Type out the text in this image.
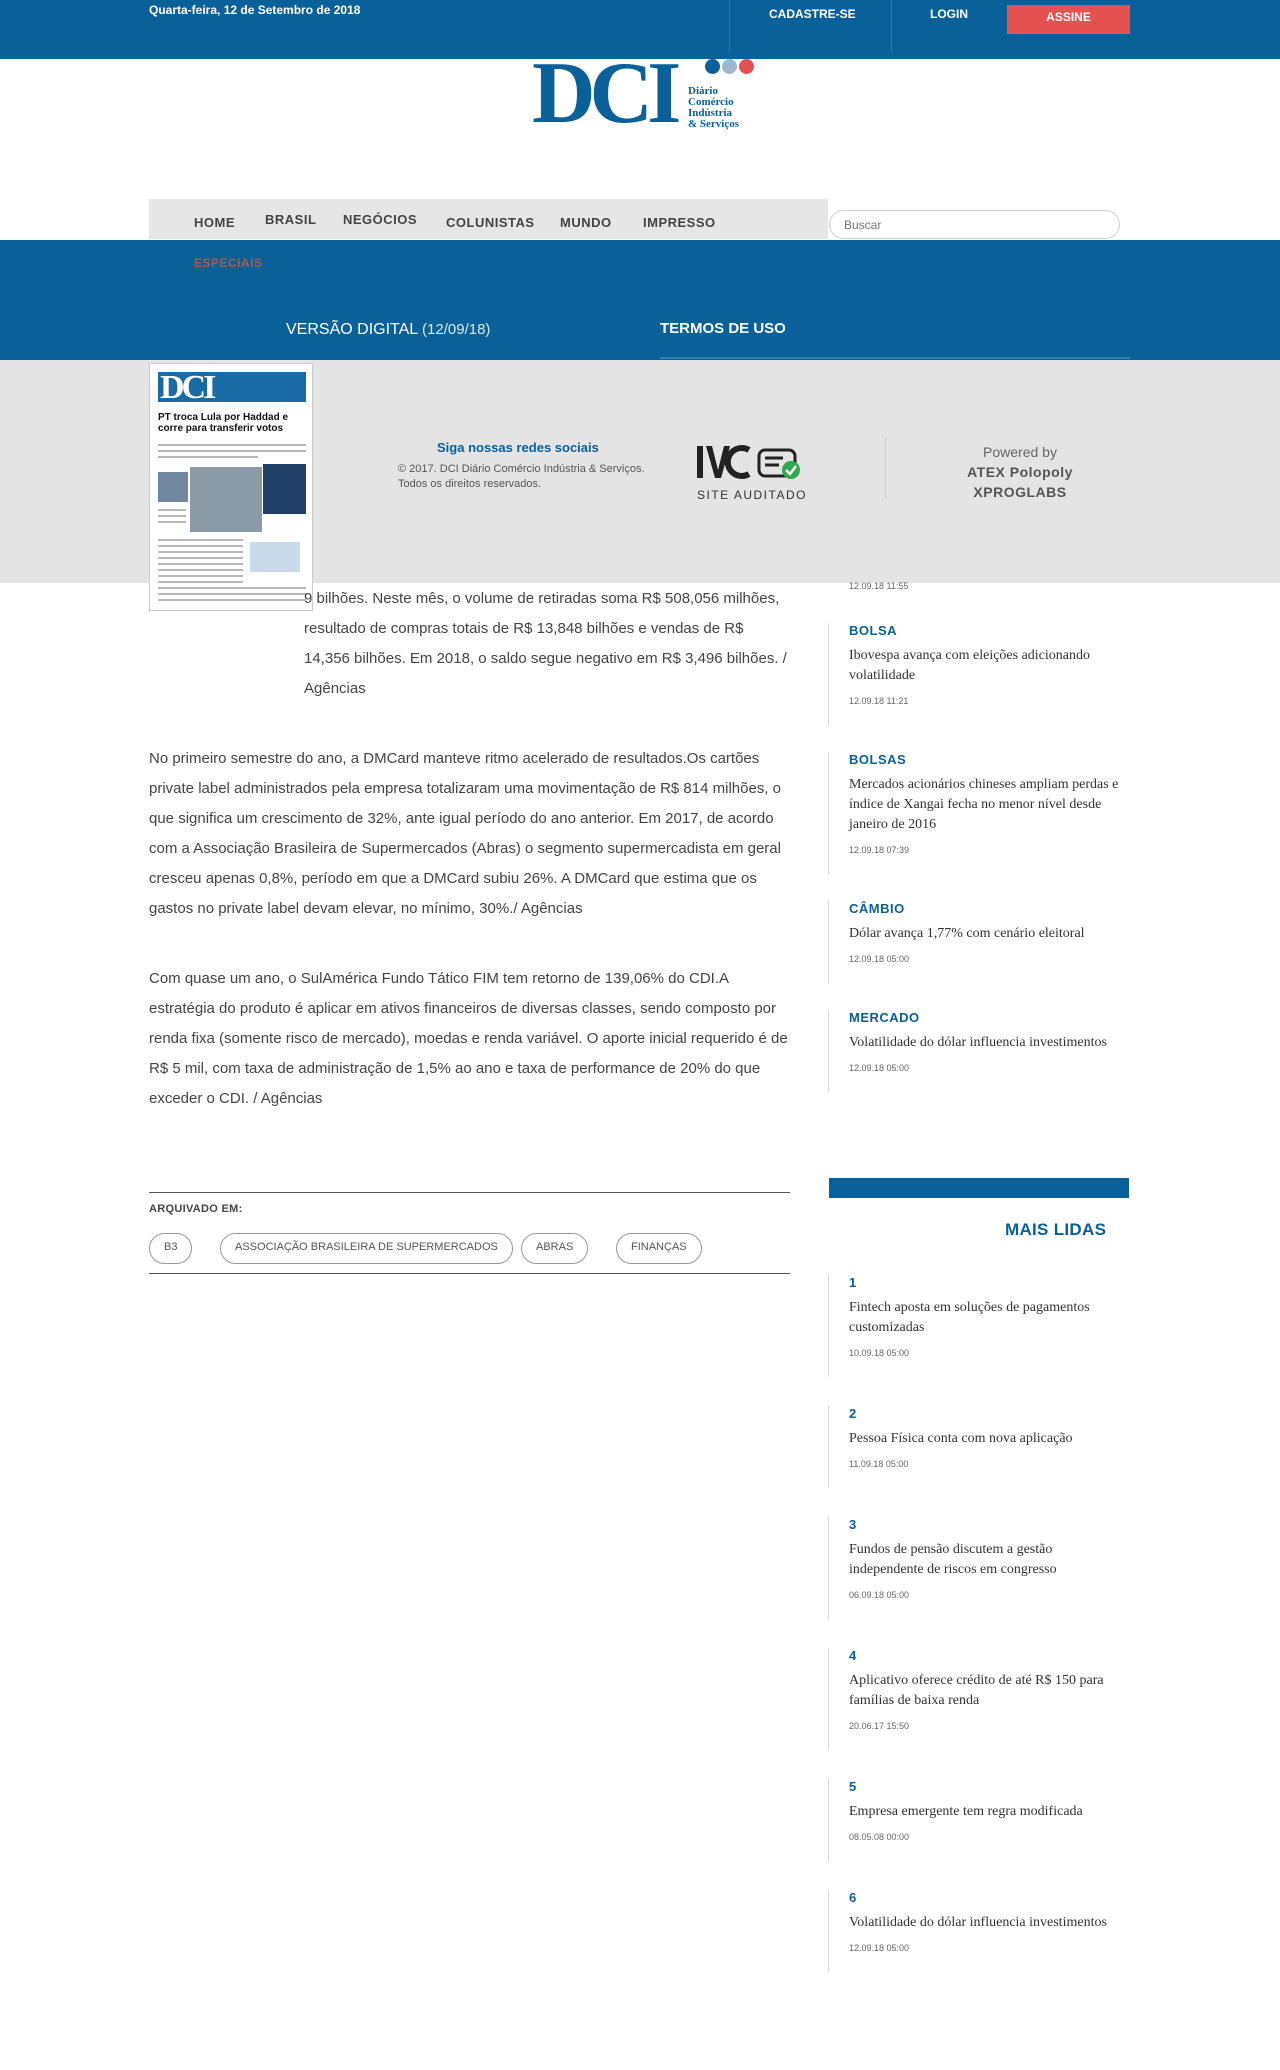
Quarta-feira, 12 de Setembro de 2018	CADASTRE-SE	LOGIN	ASSINE
DCI Diário
Comércio
Indústria
& Serviços
HOME BRASIL NEGÓCIOS COLUNISTAS MUNDO IMPRESSO
Buscar
ESPECIAIS
VERSÃO DIGITAL (12/09/18)	TERMOS DE USO
Siga nossas redes sociais
© 2017. DCI Diário Comércio Indústria & Serviços. Todos os direitos reservados.
SITE AUDITADO
Powered by
ATEX Polopoly
XPROGLABS
DCI
PT troca Lula por Haddad e corre para transferir votos

9 bilhões. Neste mês, o volume de retiradas soma R$ 508,056 milhões, resultado de compras totais de R$ 13,848 bilhões e vendas de R$ 14,356 bilhões. Em 2018, o saldo segue negativo em R$ 3,496 bilhões. / Agências

No primeiro semestre do ano, a DMCard manteve ritmo acelerado de resultados.Os cartões private label administrados pela empresa totalizaram uma movimentação de R$ 814 milhões, o que significa um crescimento de 32%, ante igual período do ano anterior. Em 2017, de acordo com a Associação Brasileira de Supermercados (Abras) o segmento supermercadista em geral cresceu apenas 0,8%, período em que a DMCard subiu 26%. A DMCard que estima que os gastos no private label devam elevar, no mínimo, 30%./ Agências

Com quase um ano, o SulAmérica Fundo Tático FIM tem retorno de 139,06% do CDI.A estratégia do produto é aplicar em ativos financeiros de diversas classes, sendo composto por renda fixa (somente risco de mercado), moedas e renda variável. O aporte inicial requerido é de R$ 5 mil, com taxa de administração de 1,5% ao ano e taxa de performance de 20% do que exceder o CDI. / Agências

ARQUIVADO EM:
B3	ASSOCIAÇÃO BRASILEIRA DE SUPERMERCADOS	ABRAS	FINANÇAS
12.09.18 11:55
BOLSA
Ibovespa avança com eleições adicionando volatilidade
12.09.18 11:21
BOLSAS
Mercados acionários chineses ampliam perdas e índice de Xangai fecha no menor nível desde janeiro de 2016
12.09.18 07:39
CÂMBIO
Dólar avança 1,77% com cenário eleitoral
12.09.18 05:00
MERCADO
Volatilidade do dólar influencia investimentos
12.09.18 05:00
MAIS LIDAS
1
Fintech aposta em soluções de pagamentos customizadas
10.09.18 05:00
2
Pessoa Física conta com nova aplicação
11.09.18 05:00
3
Fundos de pensão discutem a gestão independente de riscos em congresso
06.09.18 05:00
4
Aplicativo oferece crédito de até R$ 150 para famílias de baixa renda
20.06.17 15:50
5
Empresa emergente tem regra modificada
08.05.08 00:00
6
Volatilidade do dólar influencia investimentos
12.09.18 05:00
